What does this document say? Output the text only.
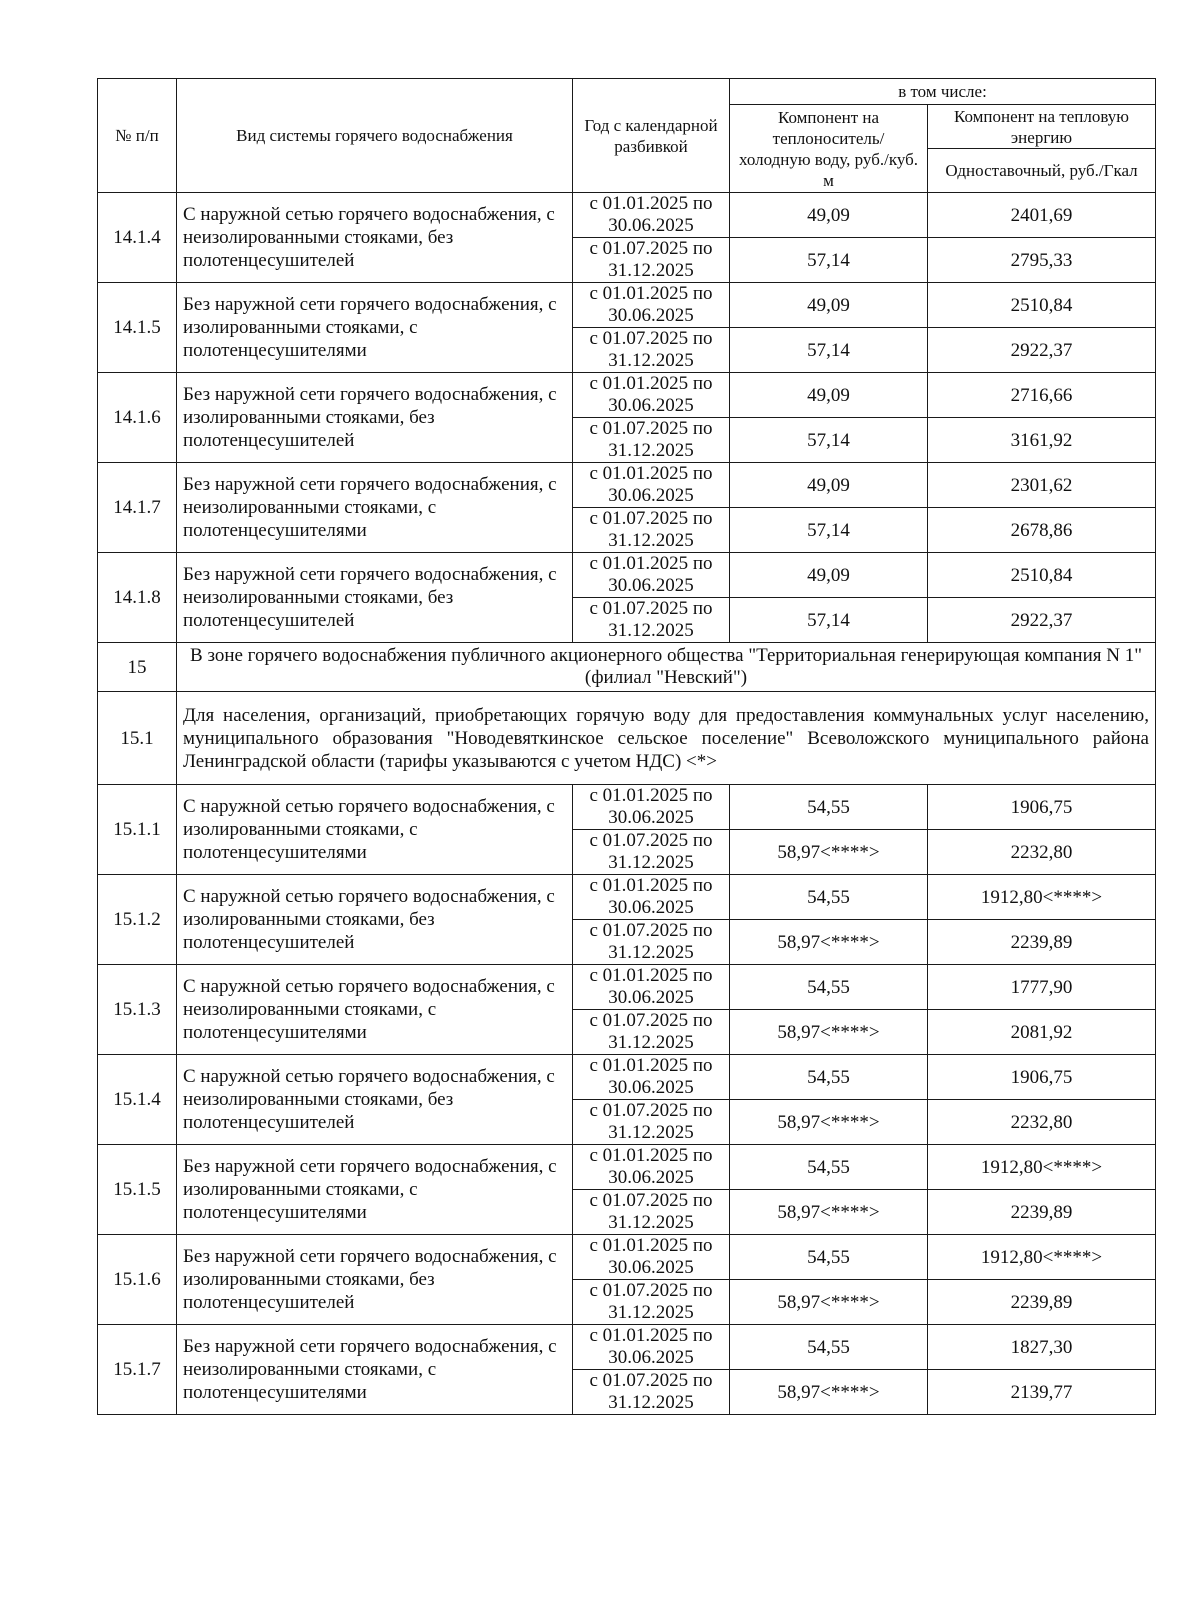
№ п/п	Вид системы горячего водоснабжения	Год с календарной разбивкой	в том числе:	
			Компонент на теплоноситель/ холодную воду, руб./куб. м	Компонент на тепловую энергию
				Одноставочный, руб./Гкал
14.1.4	С наружной сетью горячего водоснабжения, с неизолированными стояками, без полотенцесушителей	с 01.01.2025 по 30.06.2025	49,09	2401,69
		с 01.07.2025 по 31.12.2025	57,14	2795,33
14.1.5	Без наружной сети горячего водоснабжения, с изолированными стояками, с полотенцесушителями	с 01.01.2025 по 30.06.2025	49,09	2510,84
		с 01.07.2025 по 31.12.2025	57,14	2922,37
14.1.6	Без наружной сети горячего водоснабжения, с изолированными стояками, без полотенцесушителей	с 01.01.2025 по 30.06.2025	49,09	2716,66
		с 01.07.2025 по 31.12.2025	57,14	3161,92
14.1.7	Без наружной сети горячего водоснабжения, с неизолированными стояками, с полотенцесушителями	с 01.01.2025 по 30.06.2025	49,09	2301,62
		с 01.07.2025 по 31.12.2025	57,14	2678,86
14.1.8	Без наружной сети горячего водоснабжения, с неизолированными стояками, без полотенцесушителей	с 01.01.2025 по 30.06.2025	49,09	2510,84
		с 01.07.2025 по 31.12.2025	57,14	2922,37
15	В зоне горячего водоснабжения публичного акционерного общества "Территориальная генерирующая компания N 1" (филиал "Невский")			
15.1	Для населения, организаций, приобретающих горячую воду для предоставления коммунальных услуг населению, муниципального образования "Новодевяткинское сельское поселение" Всеволожского муниципального района Ленинградской области (тарифы указываются с учетом НДС) <*>			
15.1.1	С наружной сетью горячего водоснабжения, с изолированными стояками, с полотенцесушителями	с 01.01.2025 по 30.06.2025	54,55	1906,75
		с 01.07.2025 по 31.12.2025	58,97<****>	2232,80
15.1.2	С наружной сетью горячего водоснабжения, с изолированными стояками, без полотенцесушителей	с 01.01.2025 по 30.06.2025	54,55	1912,80<****>
		с 01.07.2025 по 31.12.2025	58,97<****>	2239,89
15.1.3	С наружной сетью горячего водоснабжения, с неизолированными стояками, с полотенцесушителями	с 01.01.2025 по 30.06.2025	54,55	1777,90
		с 01.07.2025 по 31.12.2025	58,97<****>	2081,92
15.1.4	С наружной сетью горячего водоснабжения, с неизолированными стояками, без полотенцесушителей	с 01.01.2025 по 30.06.2025	54,55	1906,75
		с 01.07.2025 по 31.12.2025	58,97<****>	2232,80
15.1.5	Без наружной сети горячего водоснабжения, с изолированными стояками, с полотенцесушителями	с 01.01.2025 по 30.06.2025	54,55	1912,80<****>
		с 01.07.2025 по 31.12.2025	58,97<****>	2239,89
15.1.6	Без наружной сети горячего водоснабжения, с изолированными стояками, без полотенцесушителей	с 01.01.2025 по 30.06.2025	54,55	1912,80<****>
		с 01.07.2025 по 31.12.2025	58,97<****>	2239,89
15.1.7	Без наружной сети горячего водоснабжения, с неизолированными стояками, с полотенцесушителями	с 01.01.2025 по 30.06.2025	54,55	1827,30
		с 01.07.2025 по 31.12.2025	58,97<****>	2139,77
